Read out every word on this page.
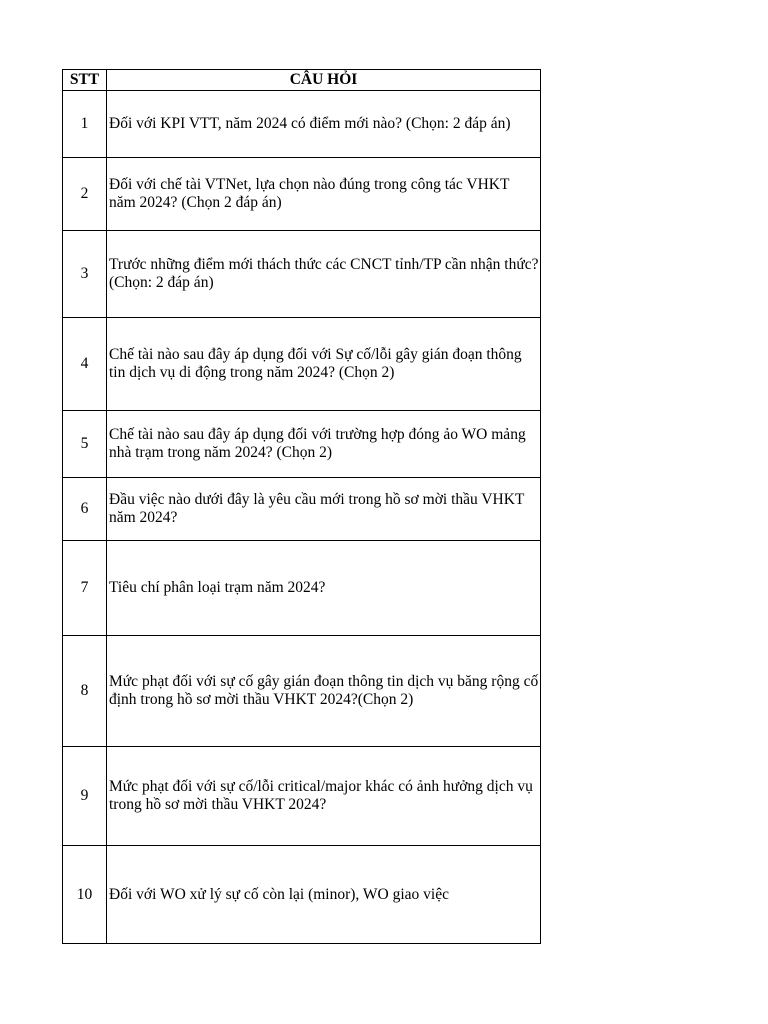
STT	CÂU HỎI
1	Đối với KPI VTT, năm 2024 có điểm mới nào? (Chọn: 2 đáp án)
2	Đối với chế tài VTNet, lựa chọn nào đúng trong công tác VHKT năm 2024? (Chọn 2 đáp án)
3	Trước những điểm mới thách thức các CNCT tỉnh/TP cần nhận thức? (Chọn: 2 đáp án)
4	Chế tài nào sau đây áp dụng đối với Sự cố/lỗi gây gián đoạn thông tin dịch vụ di động trong năm 2024? (Chọn 2)
5	Chế tài nào sau đây áp dụng đối với trường hợp đóng ảo WO mảng nhà trạm trong năm 2024? (Chọn 2)
6	Đầu việc nào dưới đây là yêu cầu mới trong hồ sơ mời thầu VHKT năm 2024?
7	Tiêu chí phân loại trạm năm 2024?
8	Mức phạt đối với sự cố gây gián đoạn thông tin dịch vụ băng rộng cố định trong hồ sơ mời thầu VHKT 2024?(Chọn 2)
9	Mức phạt đối với sự cố/lỗi critical/major khác có ảnh hưởng dịch vụ trong hồ sơ mời thầu VHKT 2024?
10	Đối với WO xử lý sự cố còn lại (minor), WO giao việc
